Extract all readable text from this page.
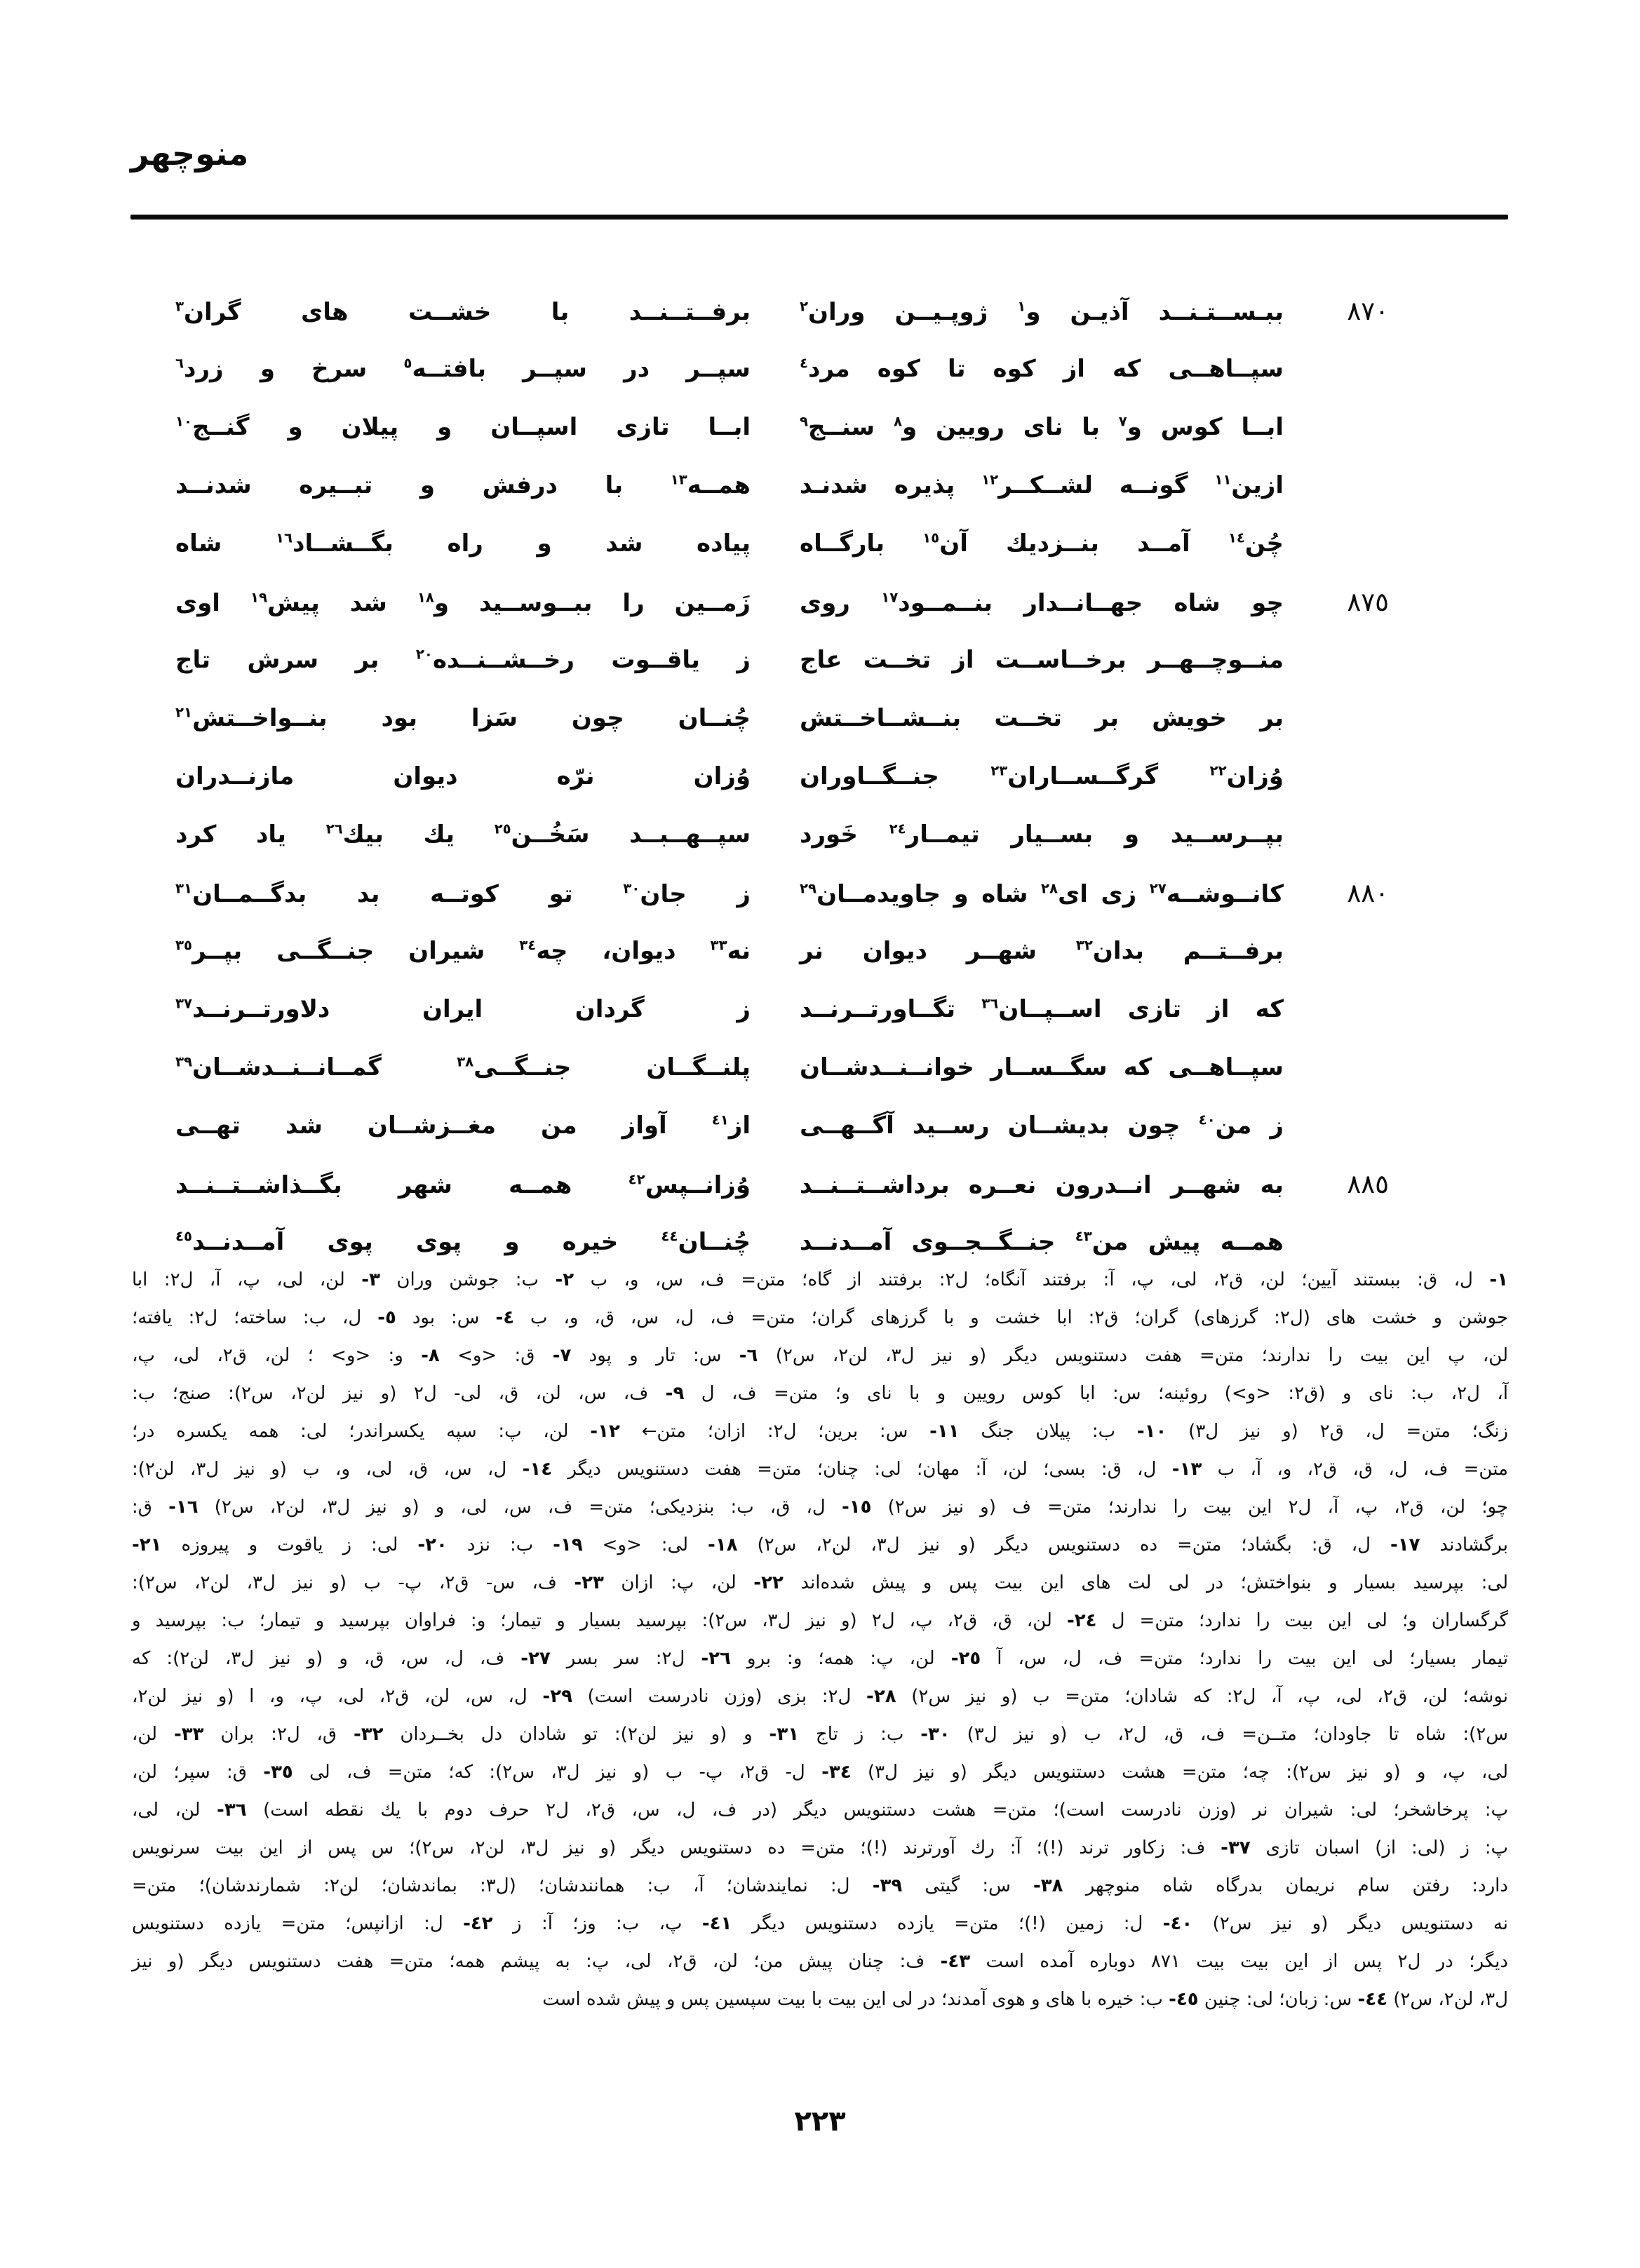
منوچهر
٨٧٠
ببـســتـنــد آذیـن و$^١$ ژوپـیــن وران$^٢$
برفــتــنــد با خشــت های گران$^٣$
سپــاهــی که از کوه تا کوه مرد$^٤$
سپــر در سپــر بافتــه$^٥$ سرخ و زرد$^٦$
ابــا کوس و$^٧$ با نای رویین و$^٨$ سنــج$^٩$
ابــا تازی اسپــان و پیلان و گنــج$^{١٠}$
ازین$^{١١}$ گونــه لشــکــر$^{١٢}$ پذیره شدنـد
همــه$^{١٣}$ با درفش و تبــیره شدنــد
چُن$^{١٤}$ آمــد بنــزدیك آن$^{١٥}$ بارگــاه
پیاده شد و راه بگــشــاد$^{١٦}$ شاه
٨٧٥
چو شاه جهــانــدار بنــمــود$^{١٧}$ روی
زَمــین را ببــوســید و$^{١٨}$ شد پیش$^{١٩}$ اوی
منــوچــهــر برخــاســت از تخــت عاج
ز یاقــوت رخــشــنــده$^{٢٠}$ بر سرش تاج
بر خویش بر تخــت بنــشــاخــتش
چُنــان چون سَزا بود بنــواخــتش$^{٢١}$
وُزان$^{٢٢}$ گرگــســاران$^{٢٣}$ جنــگــاوران
وُزان نرّه دیوان مازنــدران
بپــرســید و بســیار تیمــار$^{٢٤}$ خَورد
سپــهــبــد سَخُــن$^{٢٥}$ یك بیك$^{٢٦}$ یاد کرد
٨٨٠
کانــوشــه$^{٢٧}$ زی ای$^{٢٨}$ شاه و جاویدمــان$^{٢٩}$
ز جان$^{٣٠}$ تو کوتــه بد بدگــمــان$^{٣١}$
برفــتــم بدان$^{٣٢}$ شهــر دیوان نر
نه$^{٣٣}$ دیوان، چه$^{٣٤}$ شیران جنــگــی بپــر$^{٣٥}$
که از تازی اســپــان$^{٣٦}$ تگــاورتــرنــد
ز گردان ایران دلاورتــرنــد$^{٣٧}$
سپــاهــی که سگــســار خوانــنــدشــان
پلنــگــان جنــگــی$^{٣٨}$ گمــانــنــدشــان$^{٣٩}$
ز من$^{٤٠}$ چون بدیشــان رســید آگــهــی
از$^{٤١}$ آواز من مغــزشــان شد تهــی
٨٨٥
به شهــر انــدرون نعــره برداشــتــنــد
وُزانــپس$^{٤٢}$ همــه شهر بگــذاشــتــنــد
همــه پیش من$^{٤٣}$ جنــگــجــوی آمــدنــد
چُنــان$^{٤٤}$ خیره و پوی پوی آمــدنــد$^{٤٥}$
١- ل، ق: ببستند آیین؛ لن، ق٢، لی، پ، آ: برفتند آنگاه؛ ل٢: برفتند از گاه؛ متن= ف، س، و، ب ٢- ب: جوشن وران ٣- لن، لی، پ، آ، ل٢: ابا
جوشن و خشت های (ل٢: گرزهای) گران؛ ق٢: ابا خشت و با گرزهای گران؛ متن= ف، ل، س، ق، و، ب ٤- س: بود ٥- ل، ب: ساخته؛ ل٢: یافته؛
لن، پ این بیت را ندارند؛ متن= هفت دستنویس دیگر (و نیز ل٣، لن٢، س٢) ٦- س: تار و پود ٧- ق: <و> ٨- و: <و> ؛ لن، ق٢، لی، پ،
آ، ل٢، ب: نای و (ق٢: <و>) روئینه؛ س: ابا کوس رویین و با نای و؛ متن= ف، ل ٩- ف، س، لن، ق، لی- ل٢ (و نیز لن٢، س٢): صنج؛ ب:
زنگ؛ متن= ل، ق٢ (و نیز ل٣) ١٠- ب: پیلان جنگ ١١- س: برین؛ ل٢: ازان؛ متن← ١٢- لن، پ: سپه یکسراندر؛ لی: همه یکسره در؛
متن= ف، ل، ق، ق٢، و، آ، ب ١٣- ل، ق: بسی؛ لن، آ: مهان؛ لی: چنان؛ متن= هفت دستنویس دیگر ١٤- ل، س، ق، لی، و، ب (و نیز ل٣، لن٢):
چو؛ لن، ق٢، پ، آ، ل٢ این بیت را ندارند؛ متن= ف (و نیز س٢) ١٥- ل، ق، ب: بنزدیکی؛ متن= ف، س، لی، و (و نیز ل٣، لن٢، س٢) ١٦- ق:
برگشادند ١٧- ل، ق: بگشاد؛ متن= ده دستنویس دیگر (و نیز ل٣، لن٢، س٢) ١٨- لی: <و> ١٩- ب: نزد ٢٠- لی: ز یاقوت و پیروزه ٢١-
لی: بپرسید بسیار و بنواختش؛ در لی لت های این بیت پس و پیش شده‌اند ٢٢- لن، پ: ازان ٢٣- ف، س- ق٢، پ- ب (و نیز ل٣، لن٢، س٢):
گرگساران و؛ لی این بیت را ندارد؛ متن= ل ٢٤- لن، ق، ق٢، پ، ل٢ (و نیز ل٣، س٢): بپرسید بسیار و تیمار؛ و: فراوان بپرسید و تیمار؛ ب: بپرسید و
تیمار بسیار؛ لی این بیت را ندارد؛ متن= ف، ل، س، آ ٢٥- لن، پ: همه؛ و: برو ٢٦- ل٢: سر بسر ٢٧- ف، ل، س، ق، و (و نیز ل٣، لن٢): که
نوشه؛ لن، ق٢، لی، پ، آ، ل٢: که شادان؛ متن= ب (و نیز س٢) ٢٨- ل٢: بزی (وزن نادرست است) ٢٩- ل، س، لن، ق٢، لی، پ، و، ا (و نیز لن٢،
س٢): شاه تا جاودان؛ متــن= ف، ق، ل٢، ب (و نیز ل٣) ٣٠- ب: ز تاج ٣١- و (و نیز لن٢): تو شادان دل بخــردان ٣٢- ق، ل٢: بران ٣٣- لن،
لی، پ، و (و نیز س٢): چه؛ متن= هشت دستنویس دیگر (و نیز ل٣) ٣٤- ل- ق٢، پ- ب (و نیز ل٣، س٢): که؛ متن= ف، لی ٣٥- ق: سپر؛ لن،
پ: پرخاشخر؛ لی: شیران نر (وزن نادرست است)؛ متن= هشت دستنویس دیگر (در ف، ل، س، ق٢، ل٢ حرف دوم با یك نقطه است) ٣٦- لن، لی،
پ: ز (لی: از) اسبان تازی ٣٧- ف: زکاور ترند (!)؛ آ: رك آورترند (!)؛ متن= ده دستنویس دیگر (و نیز ل٣، لن٢، س٢)؛ س پس از این بیت سرنویس
دارد: رفتن سام نریمان بدرگاه شاه منوچهر ٣٨- س: گیتی ٣٩- ل: نمایندشان؛ آ، ب: همانندشان؛ (ل٣: بماندشان؛ لن٢: شمارندشان)؛ متن=
نه دستنویس دیگر (و نیز س٢) ٤٠- ل: زمین (!)؛ متن= یازده دستنویس دیگر ٤١- پ، ب: وز؛ آ: ز ٤٢- ل: ازانپس؛ متن= یازده دستنویس
دیگر؛ در ل٢ پس از این بیت بیت ٨٧١ دوباره آمده است ٤٣- ف: چنان پیش من؛ لن، ق٢، لی، پ: به پیشم همه؛ متن= هفت دستنویس دیگر (و نیز
ل٣، لن٢، س٢) ٤٤- س: زبان؛ لی: چنین ٤٥- ب: خیره با های و هوی آمدند؛ در لی این بیت با بیت سپسین پس و پیش شده است
٢٢٣
